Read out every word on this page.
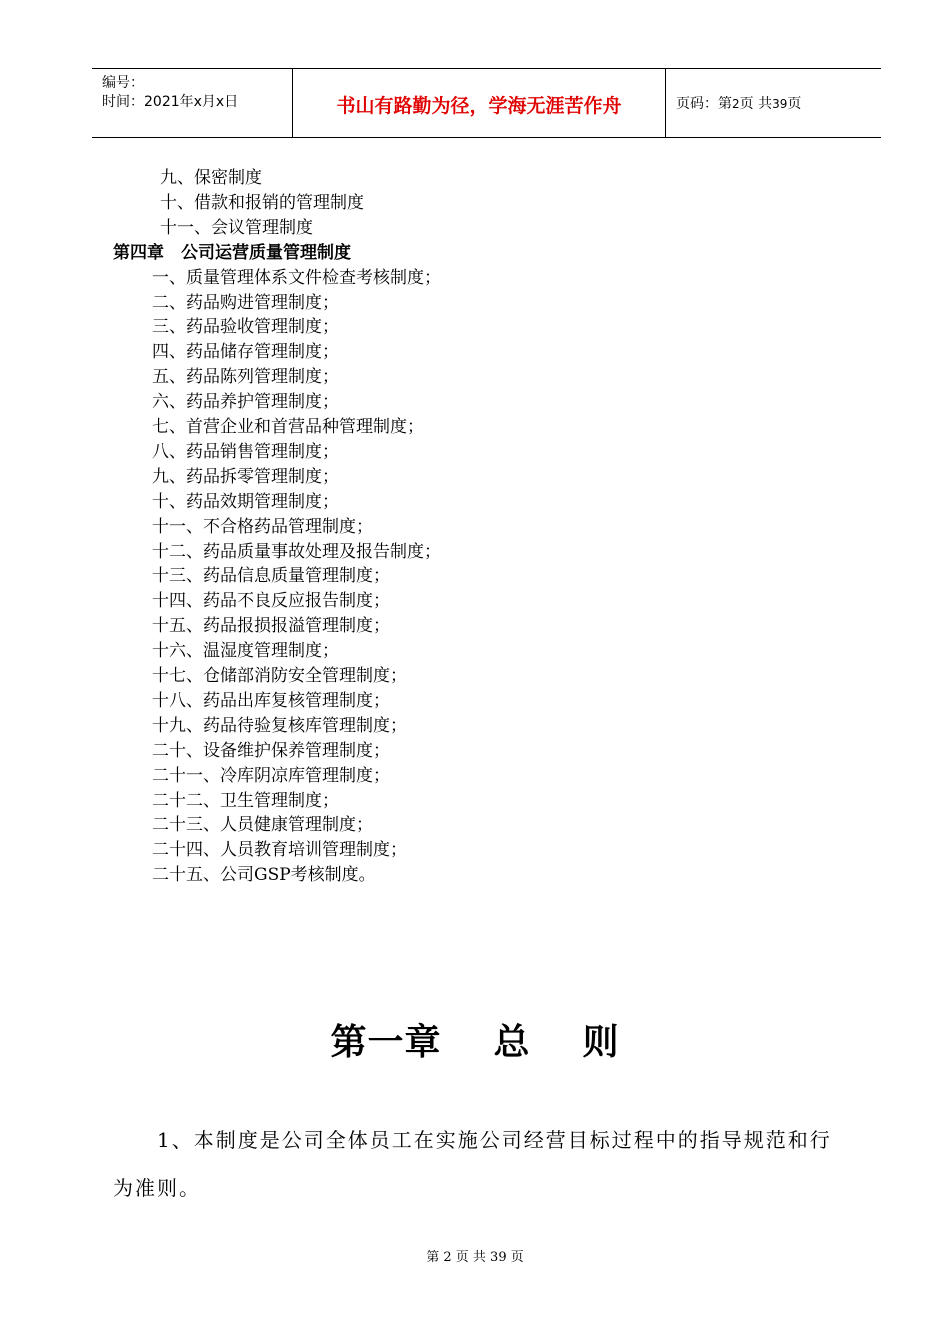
编号：
时间：2021年x月x日	书山有路勤为径，学海无涯苦作舟	页码：第2页 共39页
九、保密制度
十、借款和报销的管理制度
十一、会议管理制度
第四章　公司运营质量管理制度
一、质量管理体系文件检查考核制度；
二、药品购进管理制度；
三、药品验收管理制度；
四、药品储存管理制度；
五、药品陈列管理制度；
六、药品养护管理制度；
七、首营企业和首营品种管理制度；
八、药品销售管理制度；
九、药品拆零管理制度；
十、药品效期管理制度；
十一、不合格药品管理制度；
十二、药品质量事故处理及报告制度；
十三、药品信息质量管理制度；
十四、药品不良反应报告制度；
十五、药品报损报溢管理制度；
十六、温湿度管理制度；
十七、仓储部消防安全管理制度；
十八、药品出库复核管理制度；
十九、药品待验复核库管理制度；
二十、设备维护保养管理制度；
二十一、冷库阴凉库管理制度；
二十二、卫生管理制度；
二十三、人员健康管理制度；
二十四、人员教育培训管理制度；
二十五、公司GSP考核制度。
第一章 总 则
1、本制度是公司全体员工在实施公司经营目标过程中的指导规范和行
为准则。
第 2 页 共 39 页
